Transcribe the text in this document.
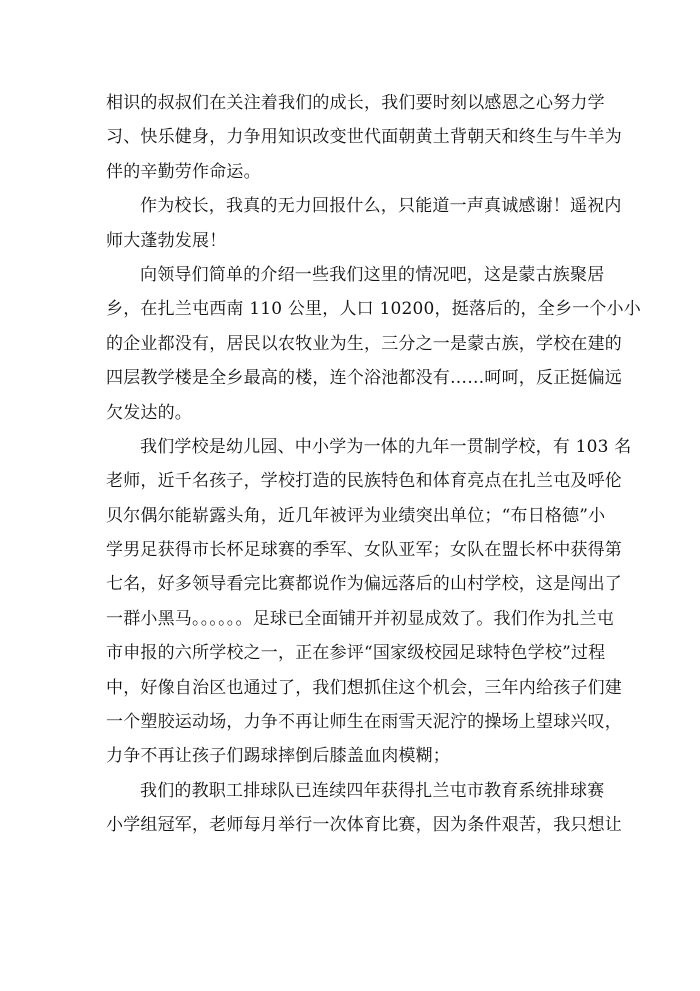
相识的叔叔们在关注着我们的成长，我们要时刻以感恩之心努力学
习、快乐健身，力争用知识改变世代面朝黄土背朝天和终生与牛羊为
伴的辛勤劳作命运。

作为校长，我真的无力回报什么，只能道一声真诚感谢！遥祝内
师大蓬勃发展！

向领导们简单的介绍一些我们这里的情况吧，这是蒙古族聚居
乡，在扎兰屯西南 110 公里，人口 10200，挺落后的，全乡一个小小
的企业都没有，居民以农牧业为生，三分之一是蒙古族，学校在建的
四层教学楼是全乡最高的楼，连个浴池都没有……呵呵，反正挺偏远
欠发达的。

我们学校是幼儿园、中小学为一体的九年一贯制学校，有 103 名
老师，近千名孩子，学校打造的民族特色和体育亮点在扎兰屯及呼伦
贝尔偶尔能崭露头角，近几年被评为业绩突出单位；“布日格德”小
学男足获得市长杯足球赛的季军、女队亚军；女队在盟长杯中获得第
七名，好多领导看完比赛都说作为偏远落后的山村学校，这是闯出了
一群小黑马。。。。。。足球已全面铺开并初显成效了。我们作为扎兰屯
市申报的六所学校之一，正在参评“国家级校园足球特色学校”过程
中，好像自治区也通过了，我们想抓住这个机会，三年内给孩子们建
一个塑胶运动场，力争不再让师生在雨雪天泥泞的操场上望球兴叹，
力争不再让孩子们踢球摔倒后膝盖血肉模糊；

我们的教职工排球队已连续四年获得扎兰屯市教育系统排球赛
小学组冠军，老师每月举行一次体育比赛，因为条件艰苦，我只想让
